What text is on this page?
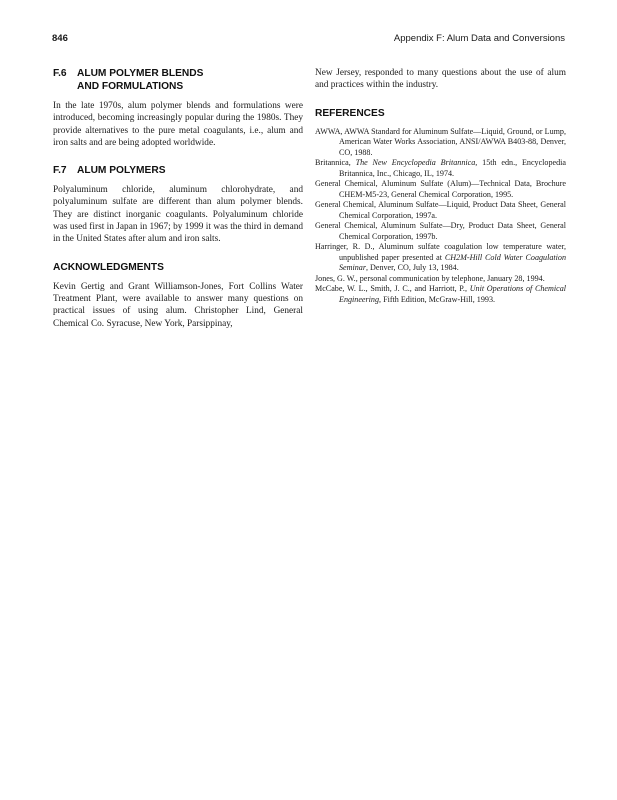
846	Appendix F: Alum Data and Conversions
F.6	ALUM POLYMER BLENDS
AND FORMULATIONS

In the late 1970s, alum polymer blends and formulations were introduced, becoming increasingly popular during the 1980s. They provide alternatives to the pure metal coagulants, i.e., alum and iron salts and are being adopted worldwide.

F.7	ALUM POLYMERS

Polyaluminum chloride, aluminum chlorohydrate, and polyaluminum sulfate are different than alum polymer blends. They are distinct inorganic coagulants. Polyaluminum chloride was used first in Japan in 1967; by 1999 it was the third in demand in the United States after alum and iron salts.

ACKNOWLEDGMENTS

Kevin Gertig and Grant Williamson-Jones, Fort Collins Water Treatment Plant, were available to answer many questions on practical issues of using alum. Christopher Lind, General Chemical Co. Syracuse, New York, Parsippinay,

New Jersey, responded to many questions about the use of alum and practices within the industry.

REFERENCES
AWWA, AWWA Standard for Aluminum Sulfate—Liquid, Ground, or Lump, American Water Works Association, ANSI/AWWA B403-88, Denver, CO, 1988.
Britannica, The New Encyclopedia Britannica, 15th edn., Encyclopedia Britannica, Inc., Chicago, IL, 1974.
General Chemical, Aluminum Sulfate (Alum)—Technical Data, Brochure CHEM-M5-23, General Chemical Corporation, 1995.
General Chemical, Aluminum Sulfate—Liquid, Product Data Sheet, General Chemical Corporation, 1997a.
General Chemical, Aluminum Sulfate—Dry, Product Data Sheet, General Chemical Corporation, 1997b.
Harringer, R. D., Aluminum sulfate coagulation low temperature water, unpublished paper presented at CH2M-Hill Cold Water Coagulation Seminar, Denver, CO, July 13, 1984.
Jones, G. W., personal communication by telephone, January 28, 1994.
McCabe, W. L., Smith, J. C., and Harriott, P., Unit Operations of Chemical Engineering, Fifth Edition, McGraw-Hill, 1993.
